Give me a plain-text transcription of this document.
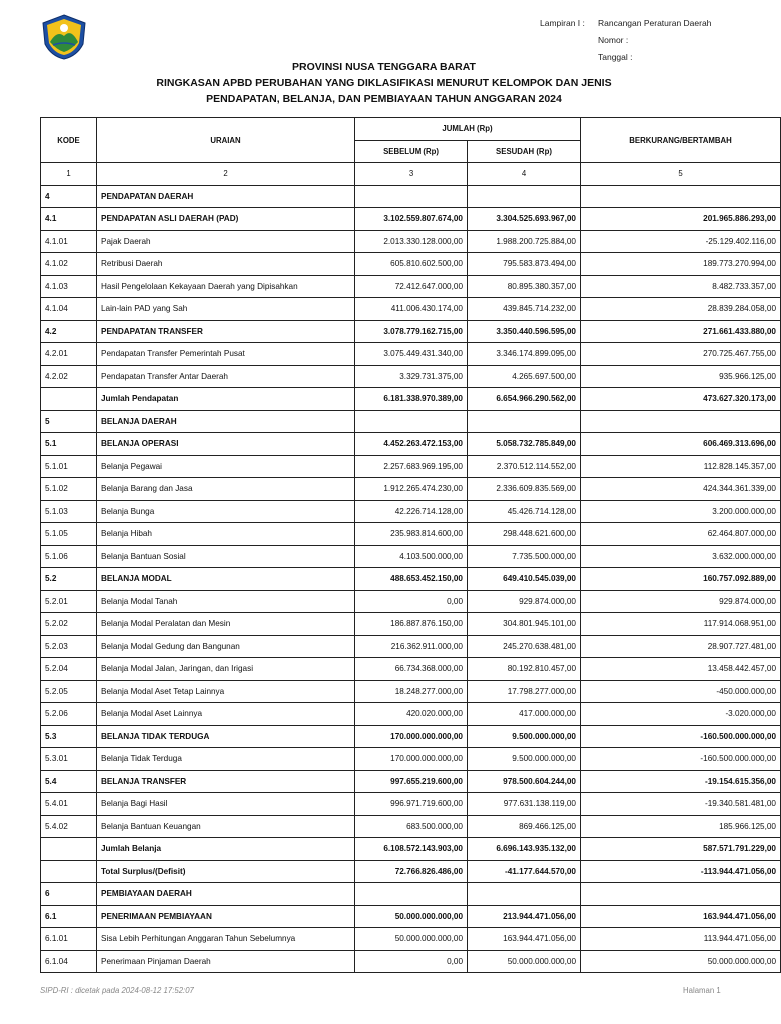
Lampiran I :	Rancangan Peraturan Daerah
Nomor :
Tanggal :
PROVINSI NUSA TENGGARA BARAT
RINGKASAN APBD PERUBAHAN YANG DIKLASIFIKASI MENURUT KELOMPOK DAN JENIS
PENDAPATAN, BELANJA, DAN PEMBIAYAAN TAHUN ANGGARAN 2024
KODE	URAIAN	JUMLAH (Rp)		BERKURANG/BERTAMBAH
		SEBELUM (Rp)	SESUDAH (Rp)	
1	2	3	4	5
4	PENDAPATAN DAERAH			
4.1	PENDAPATAN ASLI DAERAH (PAD)	3.102.559.807.674,00	3.304.525.693.967,00	201.965.886.293,00
4.1.01	Pajak Daerah	2.013.330.128.000,00	1.988.200.725.884,00	-25.129.402.116,00
4.1.02	Retribusi Daerah	605.810.602.500,00	795.583.873.494,00	189.773.270.994,00
4.1.03	Hasil Pengelolaan Kekayaan Daerah yang Dipisahkan	72.412.647.000,00	80.895.380.357,00	8.482.733.357,00
4.1.04	Lain-lain PAD yang Sah	411.006.430.174,00	439.845.714.232,00	28.839.284.058,00
4.2	PENDAPATAN TRANSFER	3.078.779.162.715,00	3.350.440.596.595,00	271.661.433.880,00
4.2.01	Pendapatan Transfer Pemerintah Pusat	3.075.449.431.340,00	3.346.174.899.095,00	270.725.467.755,00
4.2.02	Pendapatan Transfer Antar Daerah	3.329.731.375,00	4.265.697.500,00	935.966.125,00
	Jumlah Pendapatan	6.181.338.970.389,00	6.654.966.290.562,00	473.627.320.173,00
5	BELANJA DAERAH			
5.1	BELANJA OPERASI	4.452.263.472.153,00	5.058.732.785.849,00	606.469.313.696,00
5.1.01	Belanja Pegawai	2.257.683.969.195,00	2.370.512.114.552,00	112.828.145.357,00
5.1.02	Belanja Barang dan Jasa	1.912.265.474.230,00	2.336.609.835.569,00	424.344.361.339,00
5.1.03	Belanja Bunga	42.226.714.128,00	45.426.714.128,00	3.200.000.000,00
5.1.05	Belanja Hibah	235.983.814.600,00	298.448.621.600,00	62.464.807.000,00
5.1.06	Belanja Bantuan Sosial	4.103.500.000,00	7.735.500.000,00	3.632.000.000,00
5.2	BELANJA MODAL	488.653.452.150,00	649.410.545.039,00	160.757.092.889,00
5.2.01	Belanja Modal Tanah	0,00	929.874.000,00	929.874.000,00
5.2.02	Belanja Modal Peralatan dan Mesin	186.887.876.150,00	304.801.945.101,00	117.914.068.951,00
5.2.03	Belanja Modal Gedung dan Bangunan	216.362.911.000,00	245.270.638.481,00	28.907.727.481,00
5.2.04	Belanja Modal Jalan, Jaringan, dan Irigasi	66.734.368.000,00	80.192.810.457,00	13.458.442.457,00
5.2.05	Belanja Modal Aset Tetap Lainnya	18.248.277.000,00	17.798.277.000,00	-450.000.000,00
5.2.06	Belanja Modal Aset Lainnya	420.020.000,00	417.000.000,00	-3.020.000,00
5.3	BELANJA TIDAK TERDUGA	170.000.000.000,00	9.500.000.000,00	-160.500.000.000,00
5.3.01	Belanja Tidak Terduga	170.000.000.000,00	9.500.000.000,00	-160.500.000.000,00
5.4	BELANJA TRANSFER	997.655.219.600,00	978.500.604.244,00	-19.154.615.356,00
5.4.01	Belanja Bagi Hasil	996.971.719.600,00	977.631.138.119,00	-19.340.581.481,00
5.4.02	Belanja Bantuan Keuangan	683.500.000,00	869.466.125,00	185.966.125,00
	Jumlah Belanja	6.108.572.143.903,00	6.696.143.935.132,00	587.571.791.229,00
	Total Surplus/(Defisit)	72.766.826.486,00	-41.177.644.570,00	-113.944.471.056,00
6	PEMBIAYAAN DAERAH			
6.1	PENERIMAAN PEMBIAYAAN	50.000.000.000,00	213.944.471.056,00	163.944.471.056,00
6.1.01	Sisa Lebih Perhitungan Anggaran Tahun Sebelumnya	50.000.000.000,00	163.944.471.056,00	113.944.471.056,00
6.1.04	Penerimaan Pinjaman Daerah	0,00	50.000.000.000,00	50.000.000.000,00
SIPD-RI : dicetak pada 2024-08-12 17:52:07	Halaman 1
